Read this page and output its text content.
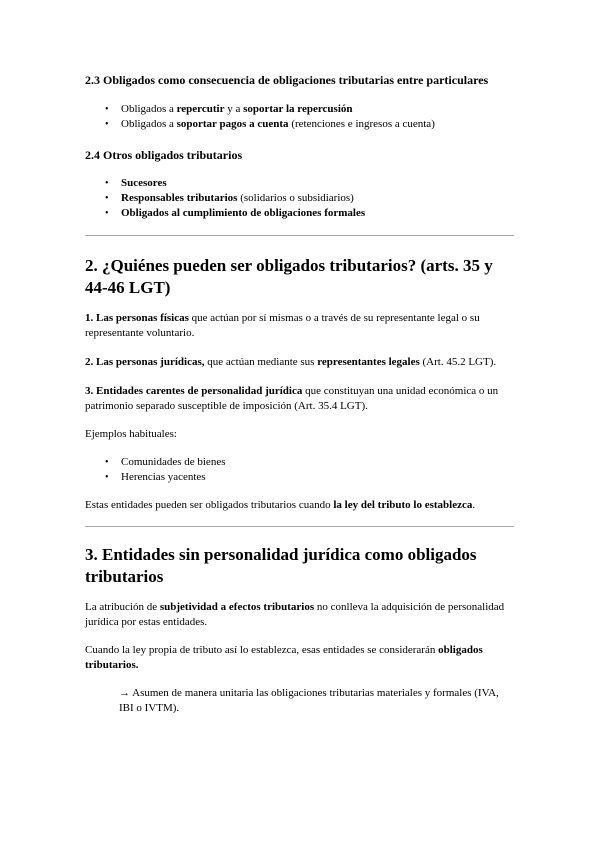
2.3 Obligados como consecuencia de obligaciones tributarias entre particulares
• Obligados a repercutir y a soportar la repercusión
• Obligados a soportar pagos a cuenta (retenciones e ingresos a cuenta)
2.4 Otros obligados tributarios
• Sucesores
• Responsables tributarios (solidarios o subsidiarios)
• Obligados al cumplimiento de obligaciones formales
2. ¿Quiénes pueden ser obligados tributarios? (arts. 35 y 44-46 LGT)

1. Las personas físicas que actúan por sí mismas o a través de su representante legal o su representante voluntario.

2. Las personas jurídicas, que actúan mediante sus representantes legales (Art. 45.2 LGT).

3. Entidades carentes de personalidad jurídica que constituyan una unidad económica o un patrimonio separado susceptible de imposición (Art. 35.4 LGT).

Ejemplos habituales:

• Comunidades de bienes
• Herencias yacentes

Estas entidades pueden ser obligados tributarios cuando la ley del tributo lo establezca.

3. Entidades sin personalidad jurídica como obligados tributarios

La atribución de subjetividad a efectos tributarios no conlleva la adquisición de personalidad jurídica por estas entidades.

Cuando la ley propia de tributo así lo establezca, esas entidades se considerarán obligados tributarios.

→ Asumen de manera unitaria las obligaciones tributarias materiales y formales (IVA, IBI o IVTM).
